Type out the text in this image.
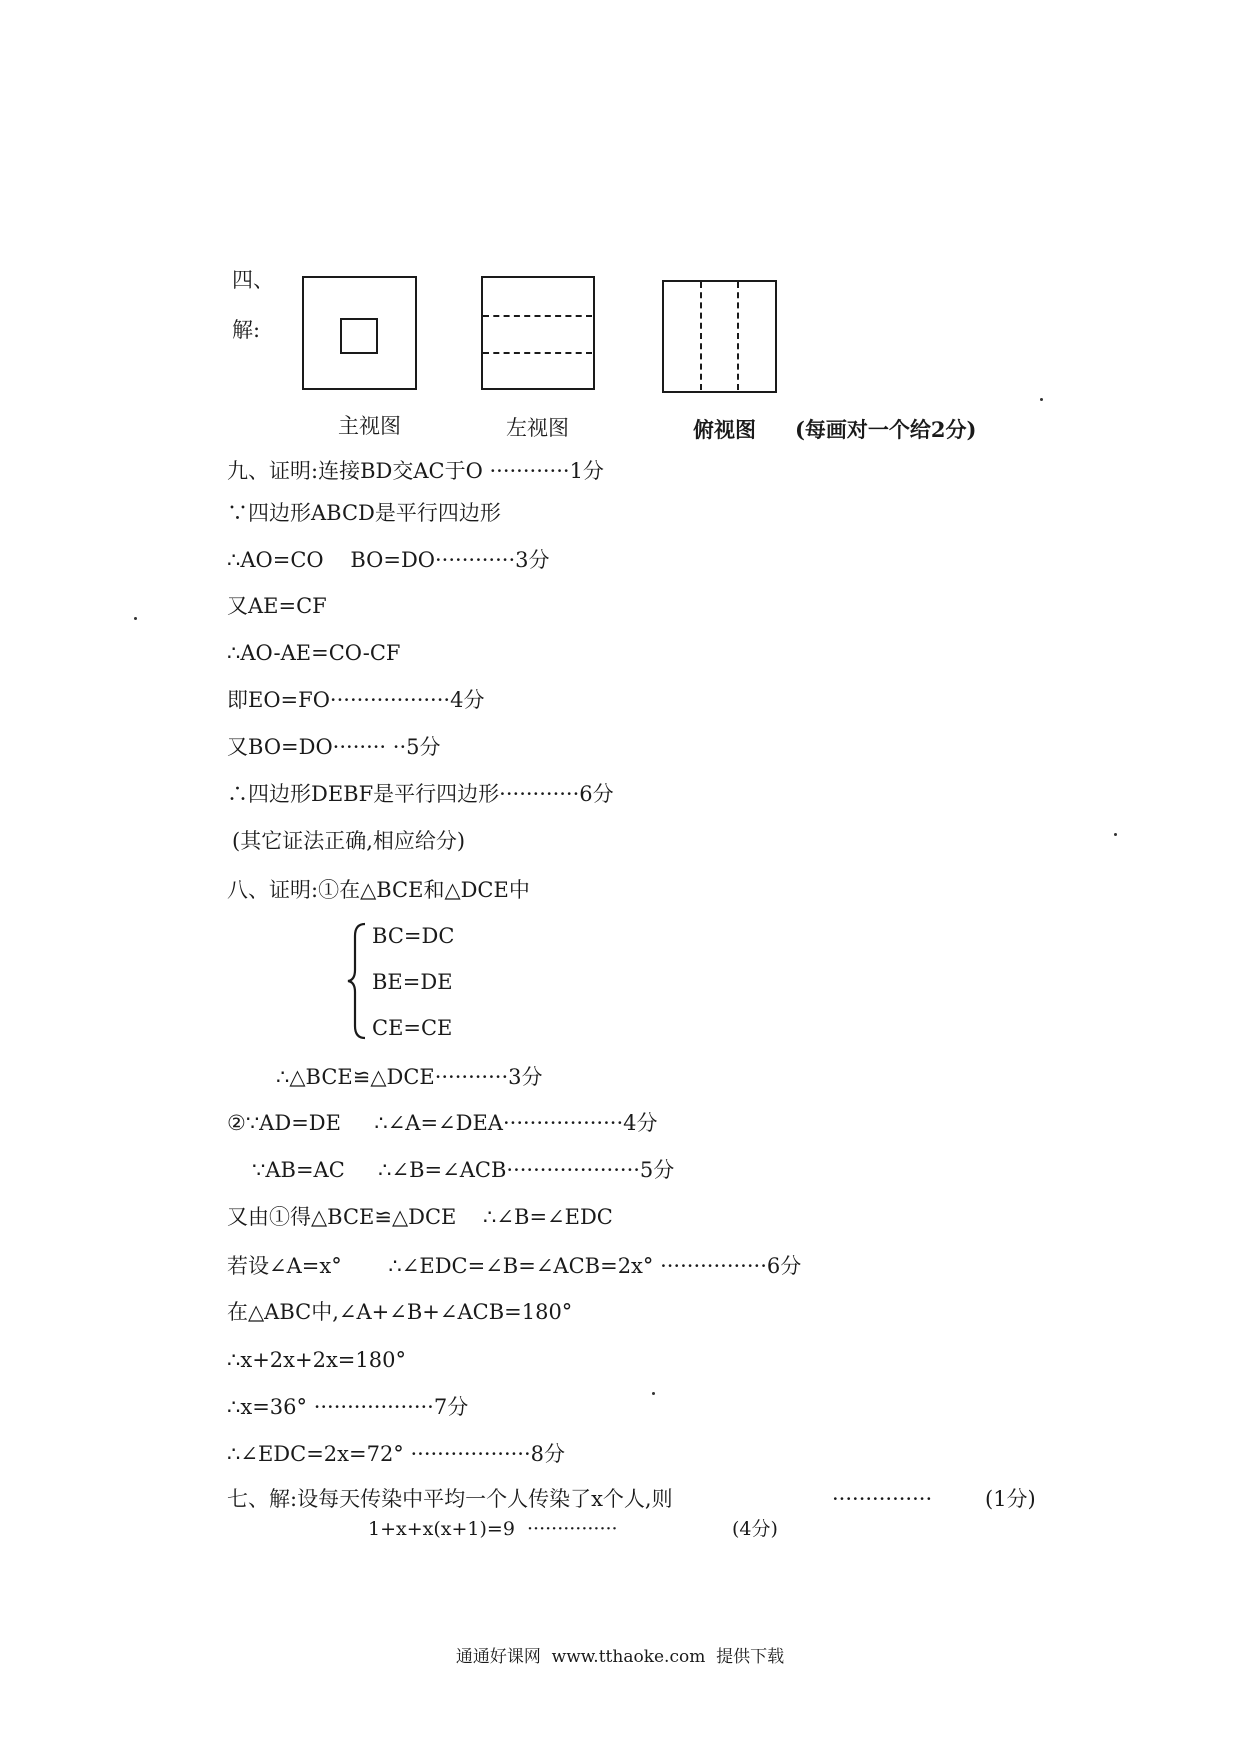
四、
解:
主视图	左视图	俯视图 (每画对一个给2分)
九、证明:连接BD交AC于O ············1分
∵四边形ABCD是平行四边形
∴AO=CO    BO=DO············3分
又AE=CF
∴AO-AE=CO-CF
即EO=FO··················4分
又BO=DO········ ··5分
∴四边形DEBF是平行四边形············6分
(其它证法正确,相应给分)
八、证明:①在△BCE和△DCE中
BC=DC
BE=DE
CE=CE
∴△BCE≌△DCE···········3分
②∵AD=DE     ∴∠A=∠DEA··················4分
∵AB=AC     ∴∠B=∠ACB····················5分
又由①得△BCE≌△DCE    ∴∠B=∠EDC
若设∠A=x°       ∴∠EDC=∠B=∠ACB=2x° ················6分
在△ABC中,∠A+∠B+∠ACB=180°
∴x+2x+2x=180°
∴x=36° ··················7分
∴∠EDC=2x=72° ··················8分
七、解:设每天传染中平均一个人传染了x个人,则	···············	(1分)
1+x+x(x+1)=9  ···············	(4分)
通通好课网  www.tthaoke.com  提供下载
